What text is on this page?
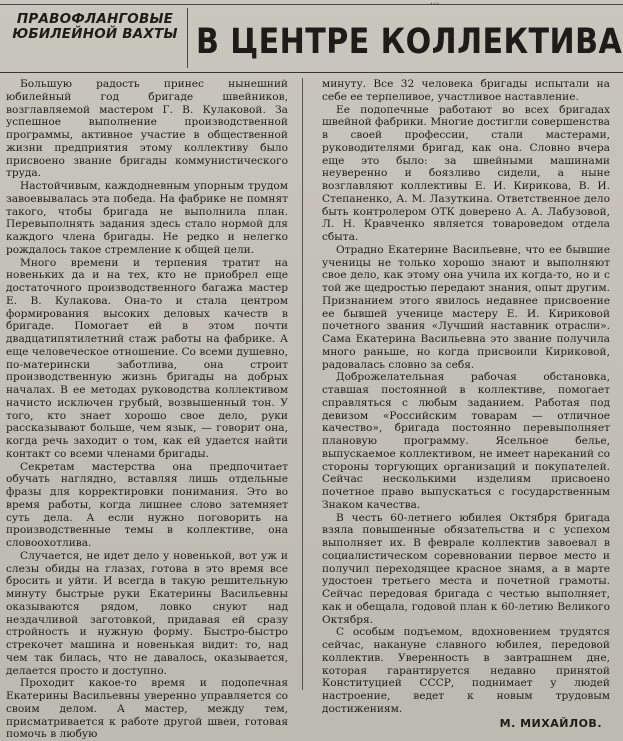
...
ПРАВОФЛАНГОВЫЕ ЮБИЛЕЙНОЙ ВАХТЫ В ЦЕНТРЕ КОЛЛЕКТИВА

Большую радость принес нынешний юбилейный год бригаде швейников, возглавляемой мастером Г. В. Кулаковой. За успешное выполнение производственной программы, активное участие в общественной жизни предприятия этому коллективу было присвоено звание бригады коммунистического труда.

Настойчивым, каждодневным упорным трудом завоевывалась эта победа. На фабрике не помнят такого, чтобы бригада не выполнила план. Перевыполнять задания здесь стало нормой для каждого члена бригады. Не редко и нелегко рождалось такое стремление к общей цели.

Много времени и терпения тратит на новеньких да и на тех, кто не приобрел еще достаточного производственного багажа мастер Е. В. Кулакова. Она-то и стала центром формирования высоких деловых качеств в бригаде. Помогает ей в этом почти двадцатипятилетний стаж работы на фабрике. А еще человеческое отношение. Со всеми душевно, по-матерински заботлива, она строит производственную жизнь бригады на добрых началах. В ее методах руководства коллективом начисто исключен грубый, возвышенный тон. У того, кто знает хорошо свое дело, руки рассказывают больше, чем язык, — говорит она, когда речь заходит о том, как ей удается найти контакт со всеми членами бригады.

Секретам мастерства она предпочитает обучать наглядно, вставляя лишь отдельные фразы для корректировки понимания. Это во время работы, когда лишнее слово затемняет суть дела. А если нужно поговорить на производственные темы в коллективе, она словоохотлива.

Случается, не идет дело у новенькой, вот уж и слезы обиды на глазах, готова в это время все бросить и уйти. И всегда в такую решительную минуту быстрые руки Екатерины Васильевны оказываются рядом, ловко снуют над нездачливой заготовкой, придавая ей сразу стройность и нужную форму. Быстро-быстро стрекочет машина и новенькая видит: то, над чем так билась, что не давалось, оказывается, делается просто и доступно.

Проходит какое-то время и подопечная Екатерины Васильевны уверенно управляется со своим делом. А мастер, между тем, присматривается к работе другой швеи, готовая помочь в любую

минуту. Все 32 человека бригады испытали на себе ее терпеливое, участливое наставление.

Ее подопечные работают во всех бригадах швейной фабрики. Многие достигли совершенства в своей профессии, стали мастерами, руководителями бригад, как она. Словно вчера еще это было: за швейными машинами неуверенно и боязливо сидели, а ныне возглавляют коллективы Е. И. Кирикова, В. И. Степаненко, А. М. Лазуткина. Ответственное дело быть контролером ОТК доверено А. А. Лабузовой, Л. Н. Кравченко является товароведом отдела сбыта.

Отрадно Екатерине Васильевне, что ее бывшие ученицы не только хорошо знают и выполняют свое дело, как этому она учила их когда-то, но и с той же щедростью передают знания, опыт другим. Признанием этого явилось недавнее присвоение ее бывшей ученице мастеру Е. И. Кириковой почетного звания «Лучший наставник отрасли». Сама Екатерина Васильевна это звание получила много раньше, но когда присвоили Кириковой, радовалась словно за себя.

Доброжелательная рабочая обстановка, ставшая постоянной в коллективе, помогает справляться с любым заданием. Работая под девизом «Российским товарам — отличное качество», бригада постоянно перевыполняет плановую программу. Ясельное белье, выпускаемое коллективом, не имеет нареканий со стороны торгующих организаций и покупателей. Сейчас несколькими изделиям присвоено почетное право выпускаться с государственным Знаком качества.

В честь 60-летнего юбилея Октября бригада взяла повышенные обязательства и с успехом выполняет их. В феврале коллектив завоевал в социалистическом соревновании первое место и получил переходящее красное знамя, а в марте удостоен третьего места и почетной грамоты. Сейчас передовая бригада с честью выполняет, как и обещала, годовой план к 60-летию Великого Октября.

С особым подъемом, вдохновением трудятся сейчас, накануне славного юбилея, передовой коллектив. Уверенность в завтрашнем дне, которая гарантируется недавно принятой Конституцией СССР, поднимает у людей настроение, ведет к новым трудовым достижениям.

М. МИХАЙЛОВ.
